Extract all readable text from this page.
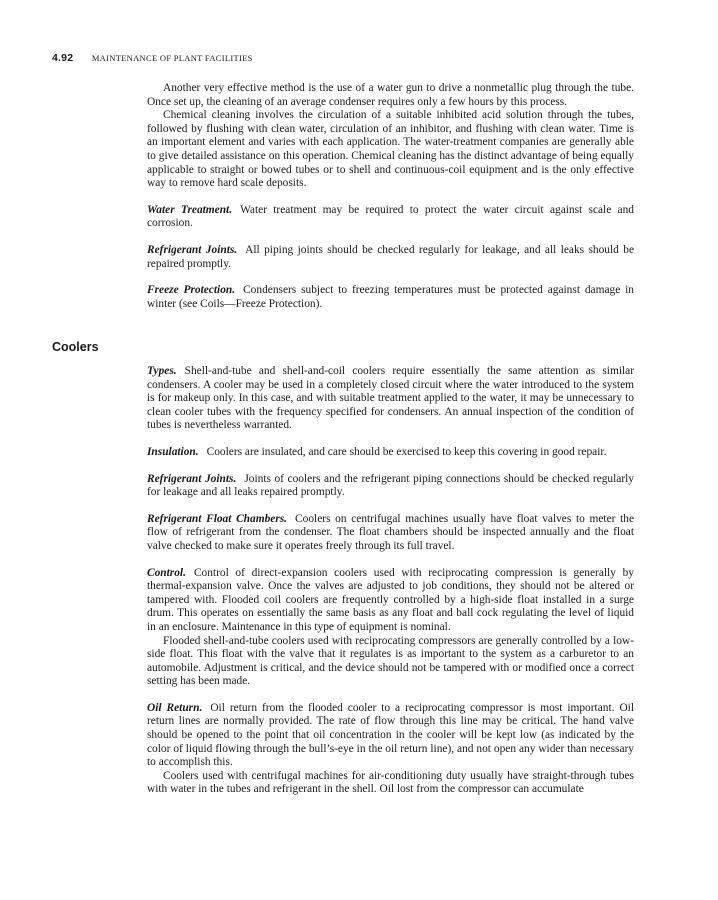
4.92 MAINTENANCE OF PLANT FACILITIES

Another very effective method is the use of a water gun to drive a nonmetallic plug through the tube. Once set up, the cleaning of an average condenser requires only a few hours by this process.

Chemical cleaning involves the circulation of a suitable inhibited acid solution through the tubes, followed by flushing with clean water, circulation of an inhibitor, and flushing with clean water. Time is an important element and varies with each application. The water-treatment companies are generally able to give detailed assistance on this operation. Chemical cleaning has the distinct advantage of being equally applicable to straight or bowed tubes or to shell and continuous-coil equipment and is the only effective way to remove hard scale deposits.

Water Treatment. Water treatment may be required to protect the water circuit against scale and corrosion.

Refrigerant Joints. All piping joints should be checked regularly for leakage, and all leaks should be repaired promptly.

Freeze Protection. Condensers subject to freezing temperatures must be protected against damage in winter (see Coils—Freeze Protection).

Coolers

Types. Shell-and-tube and shell-and-coil coolers require essentially the same attention as similar condensers. A cooler may be used in a completely closed circuit where the water introduced to the system is for makeup only. In this case, and with suitable treatment applied to the water, it may be unnecessary to clean cooler tubes with the frequency specified for condensers. An annual inspection of the condition of tubes is nevertheless warranted.

Insulation. Coolers are insulated, and care should be exercised to keep this covering in good repair.

Refrigerant Joints. Joints of coolers and the refrigerant piping connections should be checked regularly for leakage and all leaks repaired promptly.

Refrigerant Float Chambers. Coolers on centrifugal machines usually have float valves to meter the flow of refrigerant from the condenser. The float chambers should be inspected annually and the float valve checked to make sure it operates freely through its full travel.

Control. Control of direct-expansion coolers used with reciprocating compression is generally by thermal-expansion valve. Once the valves are adjusted to job conditions, they should not be altered or tampered with. Flooded coil coolers are frequently controlled by a high-side float installed in a surge drum. This operates on essentially the same basis as any float and ball cock regulating the level of liquid in an enclosure. Maintenance in this type of equipment is nominal.

Flooded shell-and-tube coolers used with reciprocating compressors are generally controlled by a low-side float. This float with the valve that it regulates is as important to the system as a carburetor to an automobile. Adjustment is critical, and the device should not be tampered with or modified once a correct setting has been made.

Oil Return. Oil return from the flooded cooler to a reciprocating compressor is most important. Oil return lines are normally provided. The rate of flow through this line may be critical. The hand valve should be opened to the point that oil concentration in the cooler will be kept low (as indicated by the color of liquid flowing through the bull’s-eye in the oil return line), and not open any wider than necessary to accomplish this.

Coolers used with centrifugal machines for air-conditioning duty usually have straight-through tubes with water in the tubes and refrigerant in the shell. Oil lost from the compressor can accumulate
